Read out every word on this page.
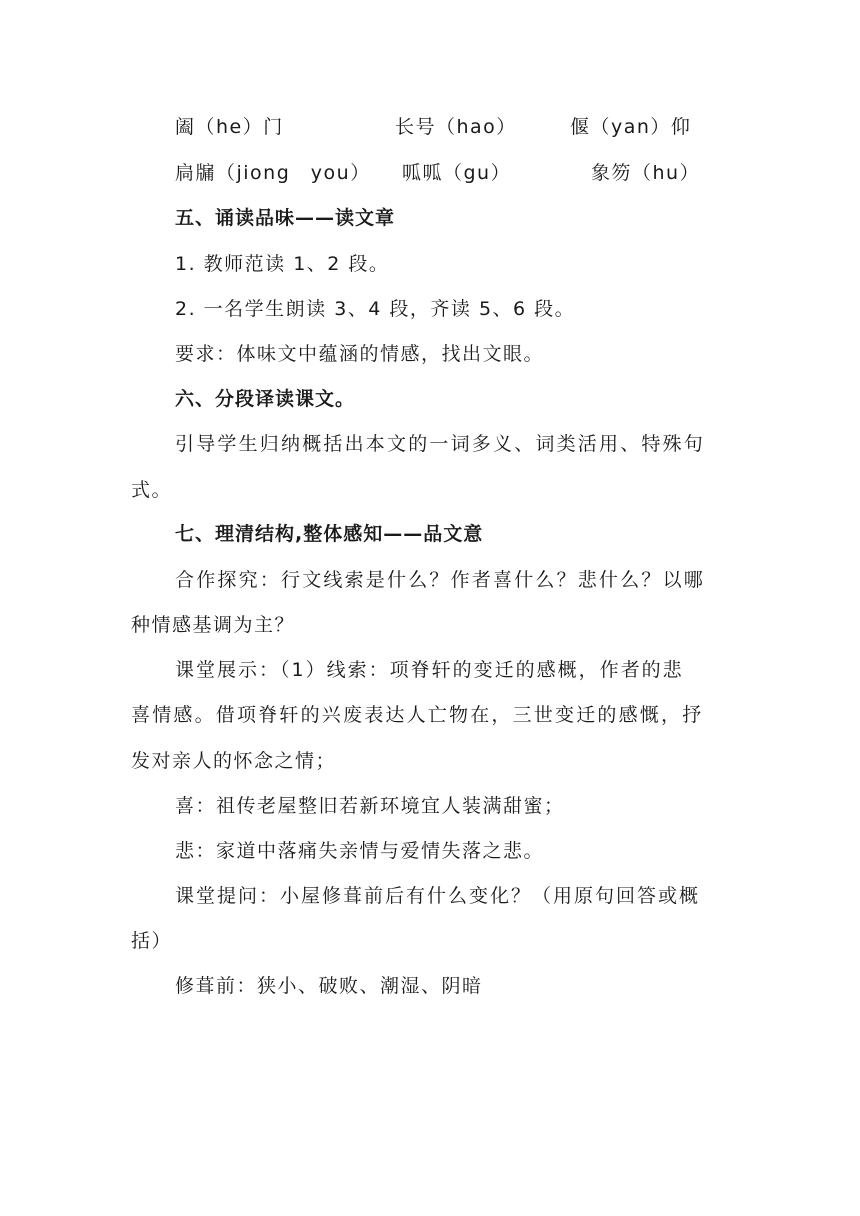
阖（he）门	长号（hao）	偃（yan）仰
扃牖（jiong　you） 呱呱（gu）	象笏（hu）
五、诵读品味——读文章
1. 教师范读 1、2 段。
2. 一名学生朗读 3、4 段，齐读 5、6 段。
要求：体味文中蕴涵的情感，找出文眼。
六、分段译读课文。
引导学生归纳概括出本文的一词多义、词类活用、特殊句
式。
七、理清结构,整体感知——品文意
合作探究：行文线索是什么？作者喜什么？悲什么？以哪
种情感基调为主？
课堂展示：（1）线索：项脊轩的变迁的感概，作者的悲
喜情感。借项脊轩的兴废表达人亡物在，三世变迁的感慨，抒
发对亲人的怀念之情；
喜：祖传老屋整旧若新环境宜人装满甜蜜；
悲：家道中落痛失亲情与爱情失落之悲。
课堂提问：小屋修葺前后有什么变化？（用原句回答或概
括）
修葺前：狭小、破败、潮湿、阴暗
